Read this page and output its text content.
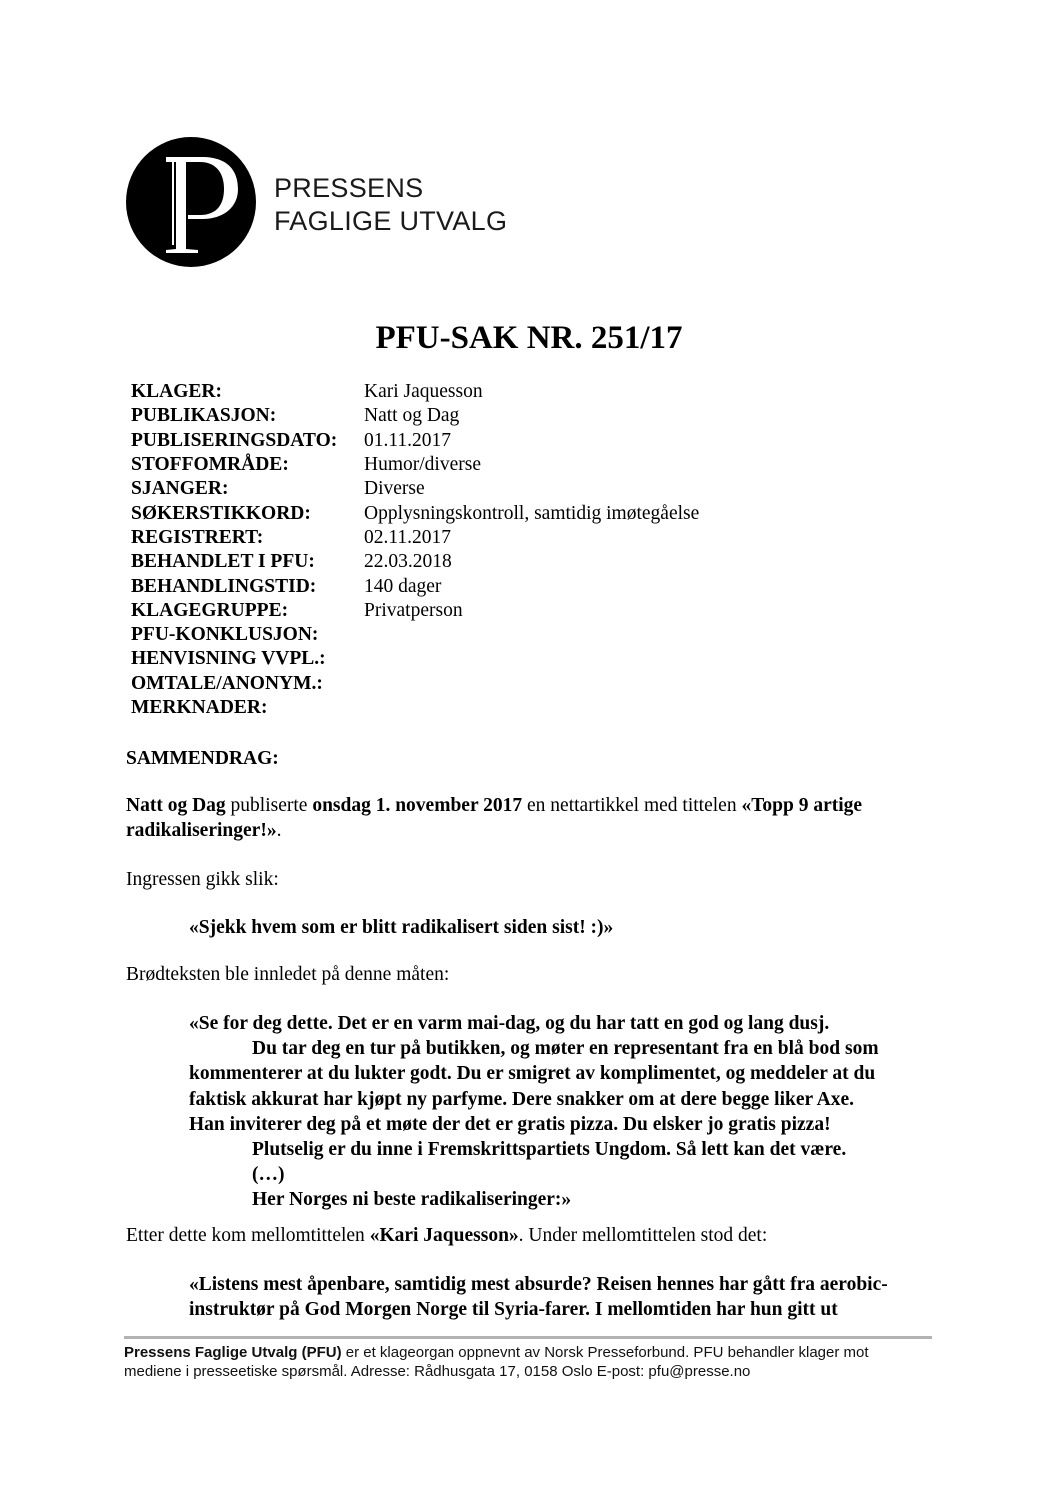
PRESSENS
FAGLIGE UTVALG
PFU-SAK NR. 251/17
KLAGER:	Kari Jaquesson
PUBLIKASJON:	Natt og Dag
PUBLISERINGSDATO:	01.11.2017
STOFFOMRÅDE:	Humor/diverse
SJANGER:	Diverse
SØKERSTIKKORD:	Opplysningskontroll, samtidig imøtegåelse
REGISTRERT:	02.11.2017
BEHANDLET I PFU:	22.03.2018
BEHANDLINGSTID:	140 dager
KLAGEGRUPPE:	Privatperson
PFU-KONKLUSJON:
HENVISNING VVPL.:
OMTALE/ANONYM.:
MERKNADER:
SAMMENDRAG:
Natt og Dag publiserte onsdag 1. november 2017 en nettartikkel med tittelen «Topp 9 artige
radikaliseringer!».
Ingressen gikk slik:
«Sjekk hvem som er blitt radikalisert siden sist! :)»
Brødteksten ble innledet på denne måten:
«Se for deg dette. Det er en varm mai-dag, og du har tatt en god og lang dusj.
Du tar deg en tur på butikken, og møter en representant fra en blå bod som
kommenterer at du lukter godt. Du er smigret av komplimentet, og meddeler at du
faktisk akkurat har kjøpt ny parfyme. Dere snakker om at dere begge liker Axe.
Han inviterer deg på et møte der det er gratis pizza. Du elsker jo gratis pizza!
Plutselig er du inne i Fremskrittspartiets Ungdom. Så lett kan det være.
(…)
Her Norges ni beste radikaliseringer:»
Etter dette kom mellomtittelen «Kari Jaquesson». Under mellomtittelen stod det:
«Listens mest åpenbare, samtidig mest absurde? Reisen hennes har gått fra aerobic-
instruktør på God Morgen Norge til Syria-farer. I mellomtiden har hun gitt ut
Pressens Faglige Utvalg (PFU) er et klageorgan oppnevnt av Norsk Presseforbund. PFU behandler klager mot
mediene i presseetiske spørsmål. Adresse: Rådhusgata 17, 0158 Oslo E-post: pfu@presse.no
